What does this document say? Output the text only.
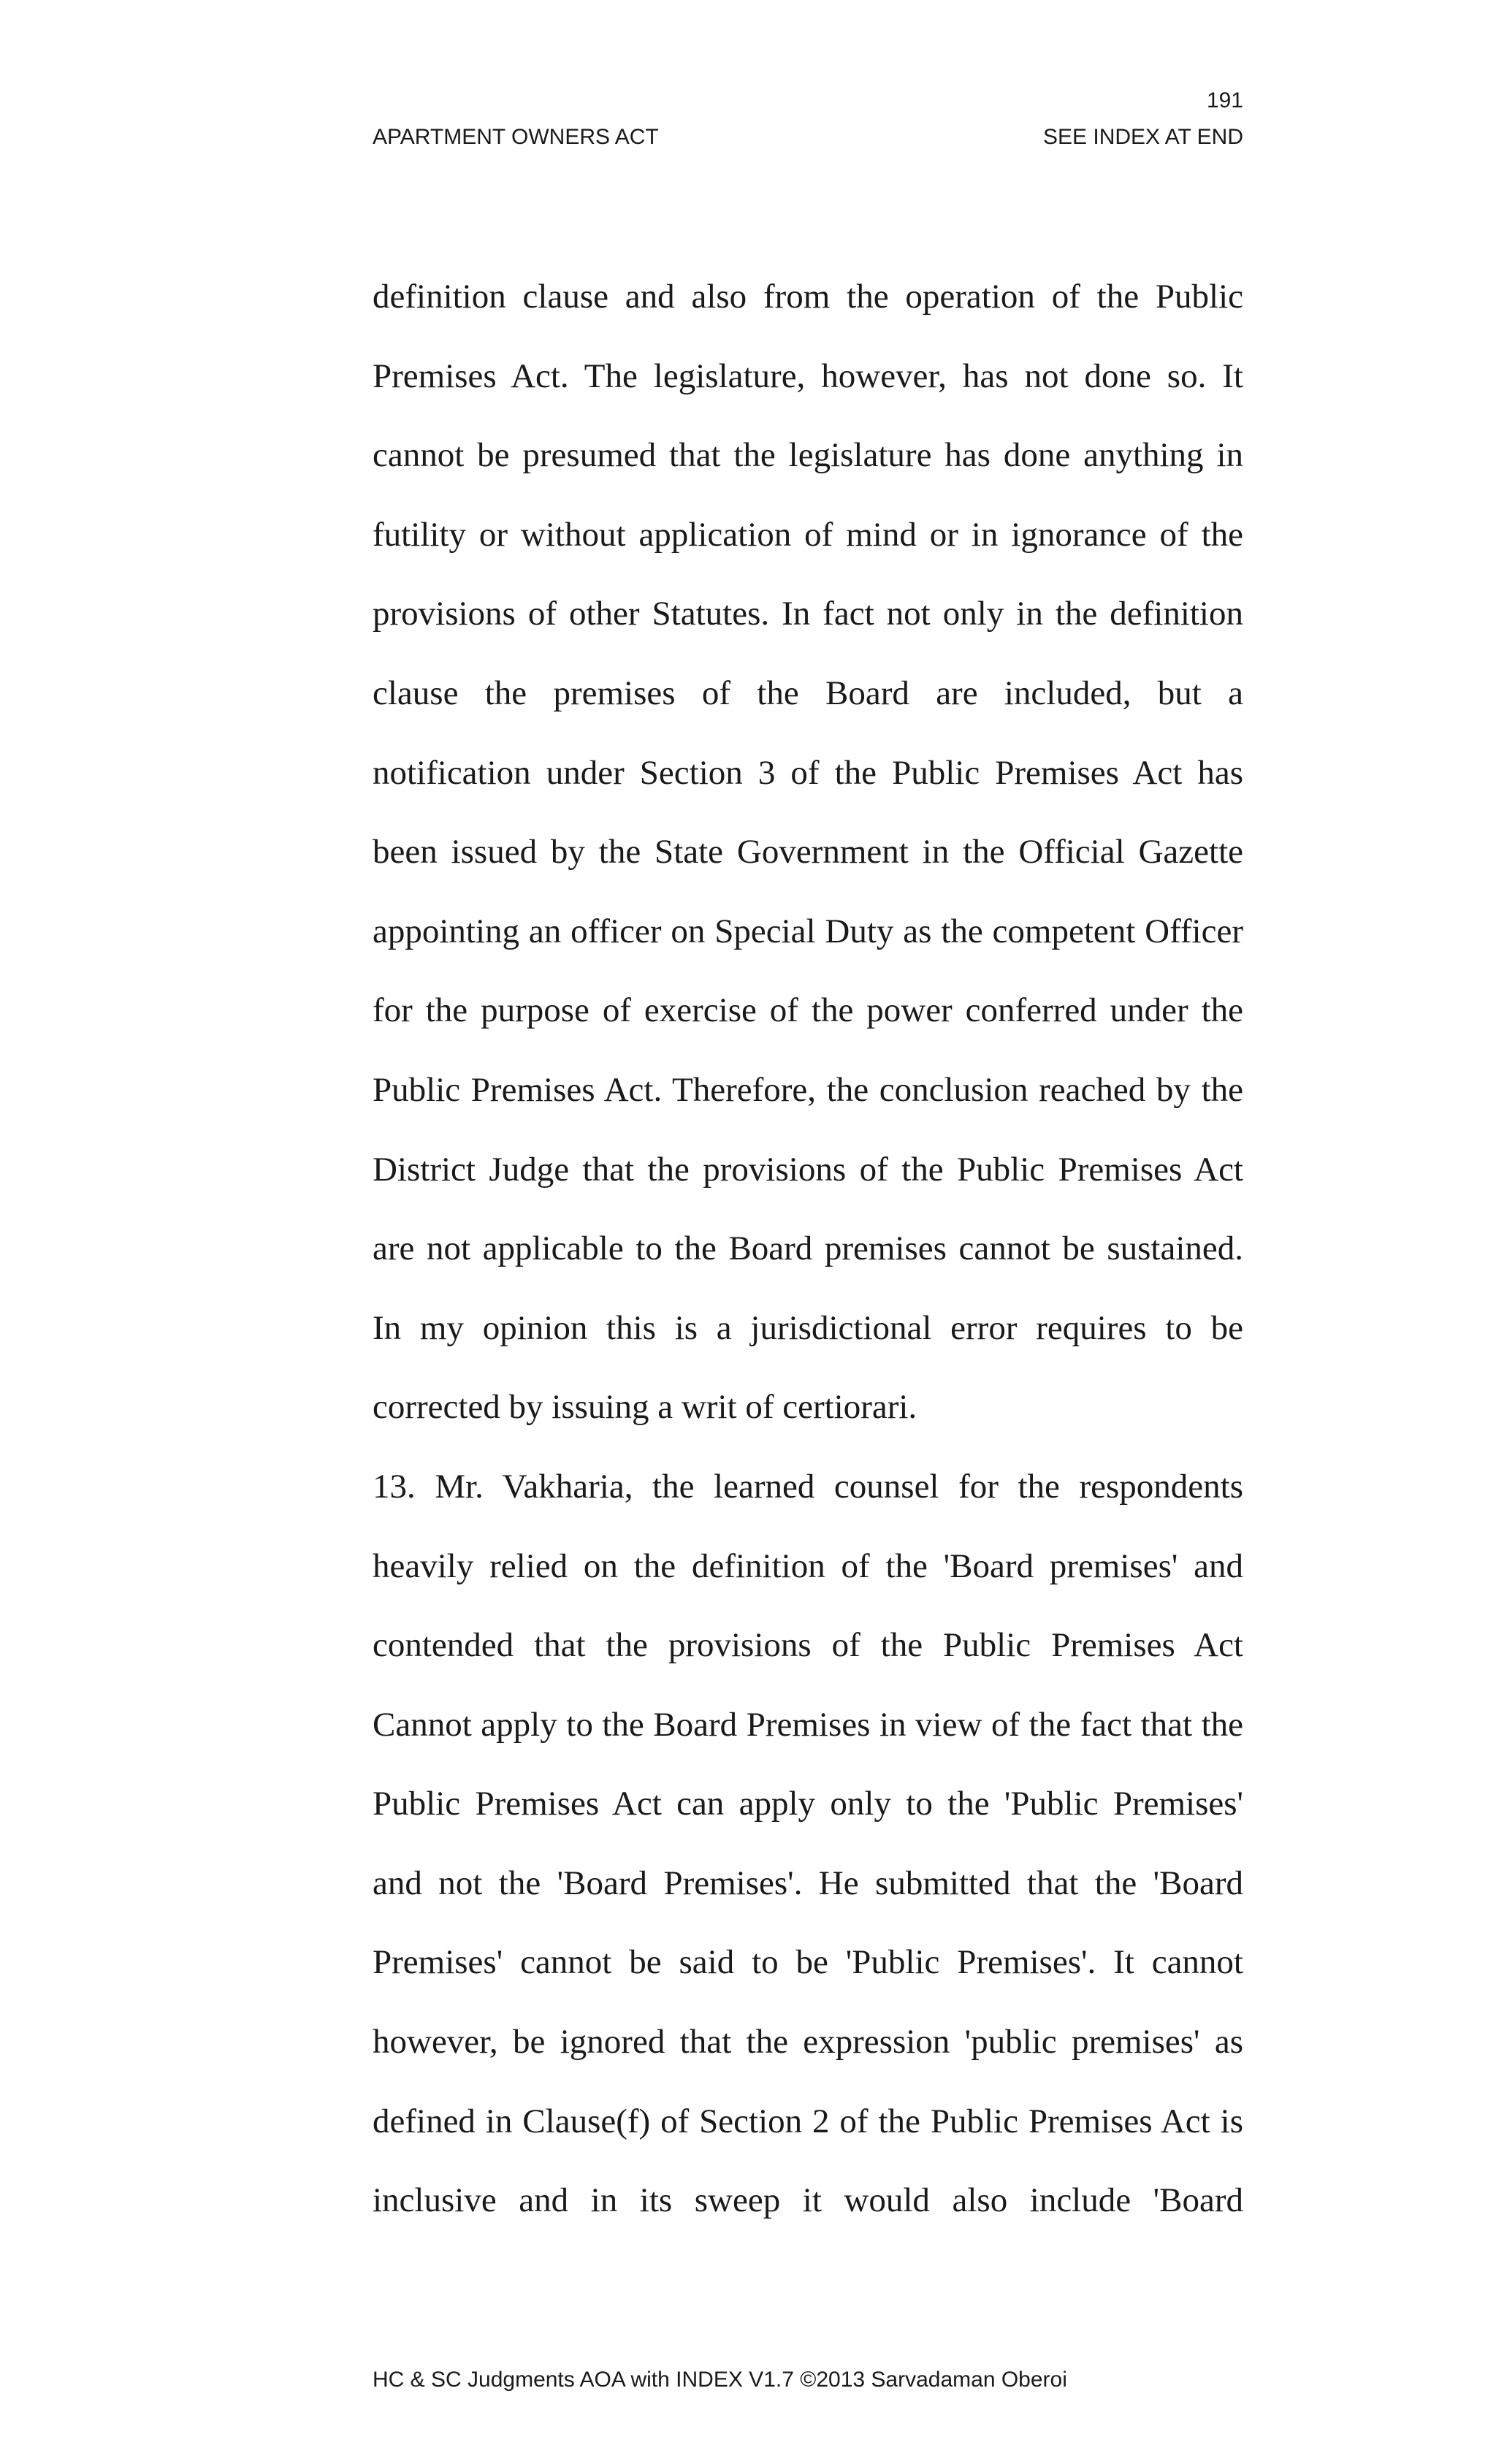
191
APARTMENT OWNERS ACT	SEE INDEX AT END
definition clause and also from the operation of the Public
Premises Act. The legislature, however, has not done so. It
cannot be presumed that the legislature has done anything in
futility or without application of mind or in ignorance of the
provisions of other Statutes. In fact not only in the definition
clause the premises of the Board are included, but a
notification under Section 3 of the Public Premises Act has
been issued by the State Government in the Official Gazette
appointing an officer on Special Duty as the competent Officer
for the purpose of exercise of the power conferred under the
Public Premises Act. Therefore, the conclusion reached by the
District Judge that the provisions of the Public Premises Act
are not applicable to the Board premises cannot be sustained.
In my opinion this is a jurisdictional error requires to be
corrected by issuing a writ of certiorari.
13. Mr. Vakharia, the learned counsel for the respondents
heavily relied on the definition of the 'Board premises' and
contended that the provisions of the Public Premises Act
Cannot apply to the Board Premises in view of the fact that the
Public Premises Act can apply only to the 'Public Premises'
and not the 'Board Premises'. He submitted that the 'Board
Premises' cannot be said to be 'Public Premises'. It cannot
however, be ignored that the expression 'public premises' as
defined in Clause(f) of Section 2 of the Public Premises Act is
inclusive and in its sweep it would also include 'Board
HC & SC Judgments AOA with INDEX V1.7 ©2013 Sarvadaman Oberoi
